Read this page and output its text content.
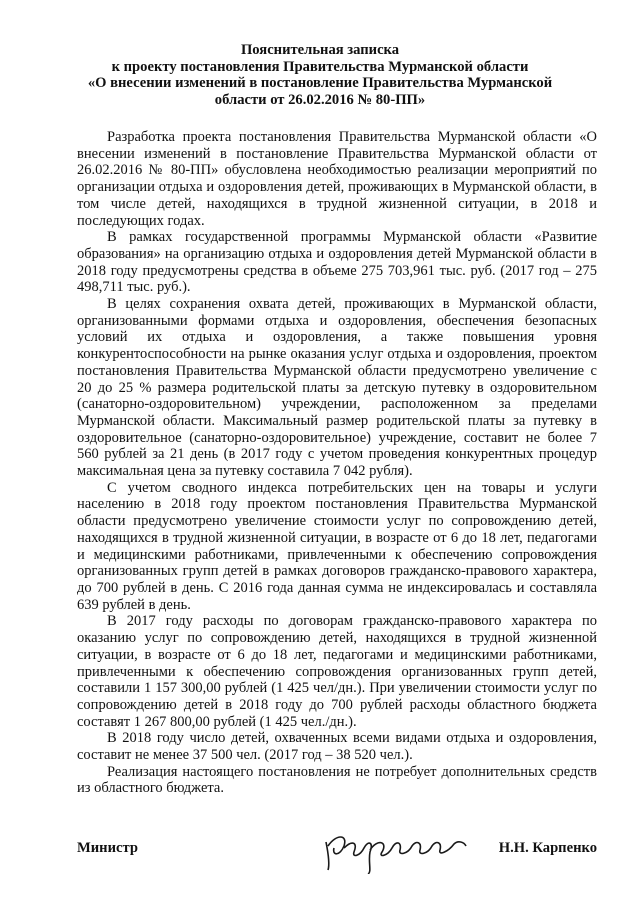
Пояснительная записка
к проекту постановления Правительства Мурманской области
«О внесении изменений в постановление Правительства Мурманской
области от 26.02.2016 № 80-ПП»

Разработка проекта постановления Правительства Мурманской области «О внесении изменений в постановление Правительства Мурманской области от 26.02.2016 № 80-ПП» обусловлена необходимостью реализации мероприятий по организации отдыха и оздоровления детей, проживающих в Мурманской области, в том числе детей, находящихся в трудной жизненной ситуации, в 2018 и последующих годах.

В рамках государственной программы Мурманской области «Развитие образования» на организацию отдыха и оздоровления детей Мурманской области в 2018 году предусмотрены средства в объеме 275 703,961 тыс. руб. (2017 год – 275 498,711 тыс. руб.).

В целях сохранения охвата детей, проживающих в Мурманской области, организованными формами отдыха и оздоровления, обеспечения безопасных условий их отдыха и оздоровления, а также повышения уровня конкурентоспособности на рынке оказания услуг отдыха и оздоровления, проектом постановления Правительства Мурманской области предусмотрено увеличение с 20 до 25 % размера родительской платы за детскую путевку в оздоровительном (санаторно-оздоровительном) учреждении, расположенном за пределами Мурманской области. Максимальный размер родительской платы за путевку в оздоровительное (санаторно-оздоровительное) учреждение, составит не более 7 560 рублей за 21 день (в 2017 году с учетом проведения конкурентных процедур максимальная цена за путевку составила 7 042 рубля).

С учетом сводного индекса потребительских цен на товары и услуги населению в 2018 году проектом постановления Правительства Мурманской области предусмотрено увеличение стоимости услуг по сопровождению детей, находящихся в трудной жизненной ситуации, в возрасте от 6 до 18 лет, педагогами и медицинскими работниками, привлеченными к обеспечению сопровождения организованных групп детей в рамках договоров гражданско-правового характера, до 700 рублей в день. С 2016 года данная сумма не индексировалась и составляла 639 рублей в день.

В 2017 году расходы по договорам гражданско-правового характера по оказанию услуг по сопровождению детей, находящихся в трудной жизненной ситуации, в возрасте от 6 до 18 лет, педагогами и медицинскими работниками, привлеченными к обеспечению сопровождения организованных групп детей, составили 1 157 300,00 рублей (1 425 чел/дн.). При увеличении стоимости услуг по сопровождению детей в 2018 году до 700 рублей расходы областного бюджета составят 1 267 800,00 рублей (1 425 чел./дн.).

В 2018 году число детей, охваченных всеми видами отдыха и оздоровления, составит не менее 37 500 чел. (2017 год – 38 520 чел.).

Реализация настоящего постановления не потребует дополнительных средств из областного бюджета.

Министр	Н.Н. Карпенко
